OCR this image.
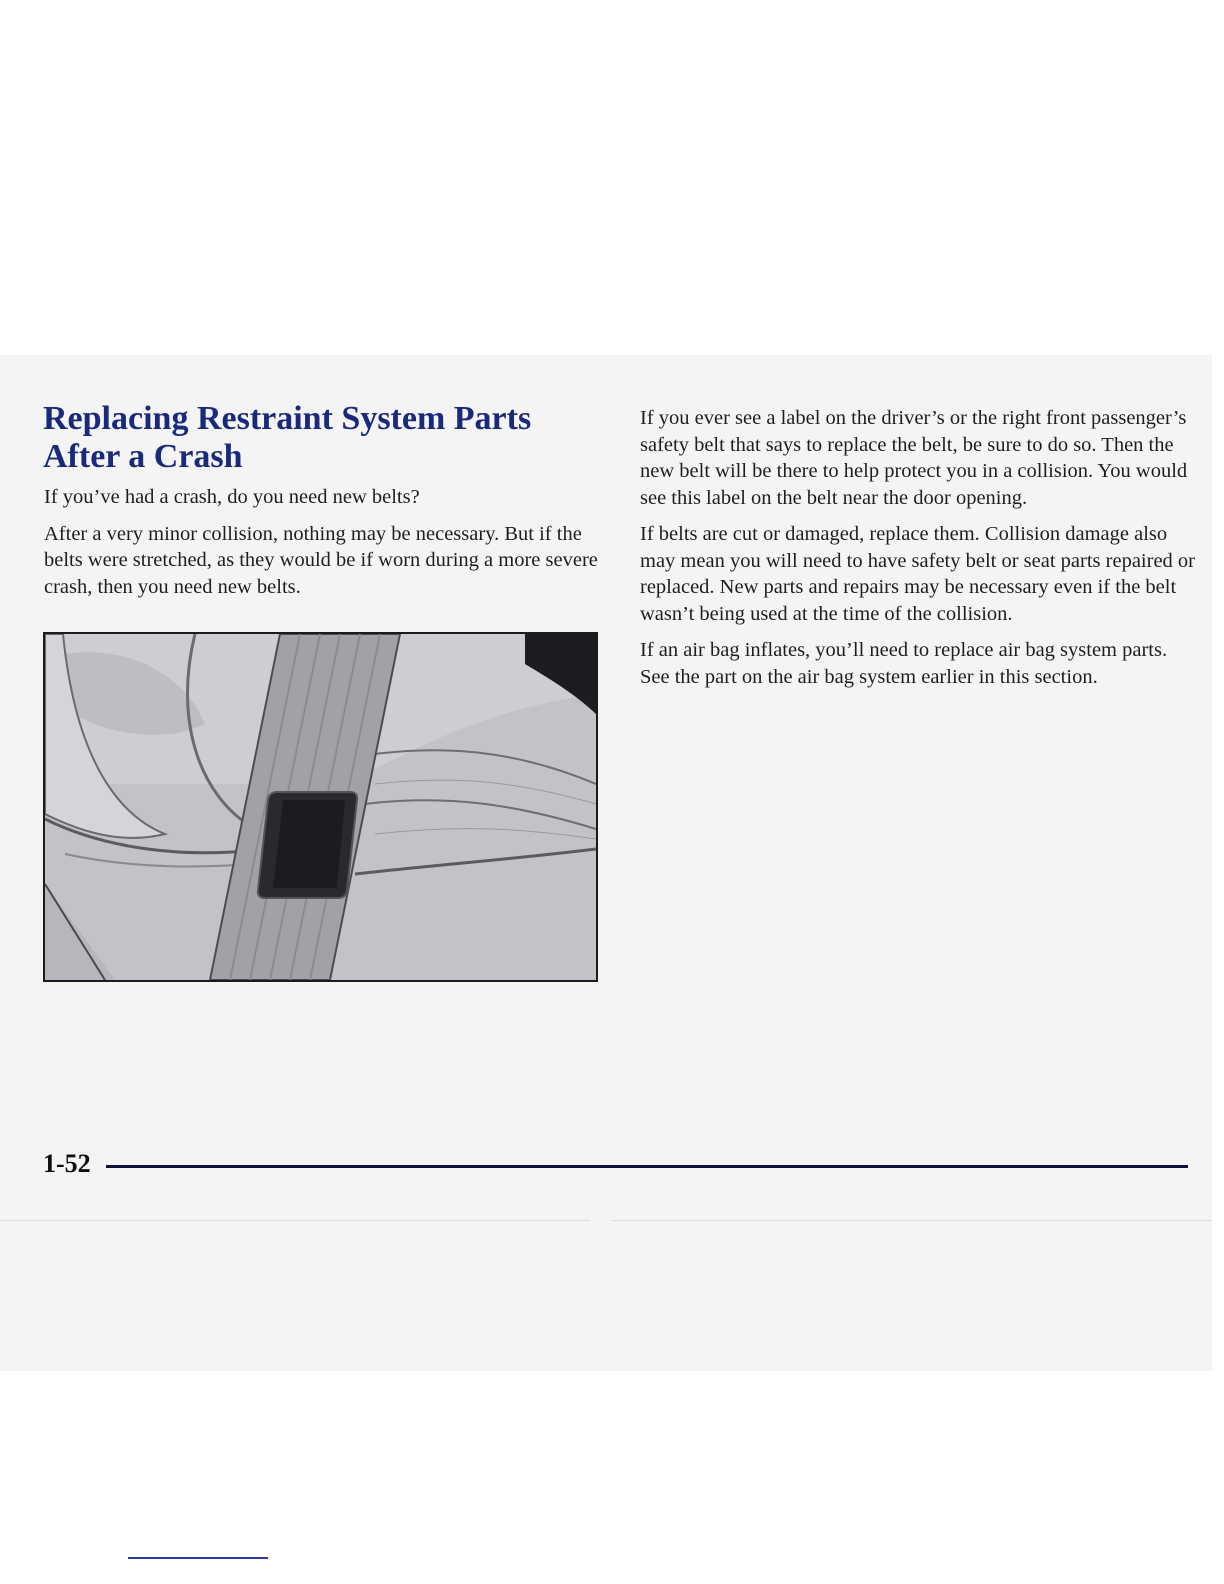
Replacing Restraint System Parts After a Crash

If you’ve had a crash, do you need new belts?

After a very minor collision, nothing may be necessary. But if the belts were stretched, as they would be if worn during a more severe crash, then you need new belts.

If you ever see a label on the driver’s or the right front passenger’s safety belt that says to replace the belt, be sure to do so. Then the new belt will be there to help protect you in a collision. You would see this label on the belt near the door opening.

If belts are cut or damaged, replace them. Collision damage also may mean you will need to have safety belt or seat parts repaired or replaced. New parts and repairs may be necessary even if the belt wasn’t being used at the time of the collision.

If an air bag inflates, you’ll need to replace air bag system parts. See the part on the air bag system earlier in this section.

1-52
